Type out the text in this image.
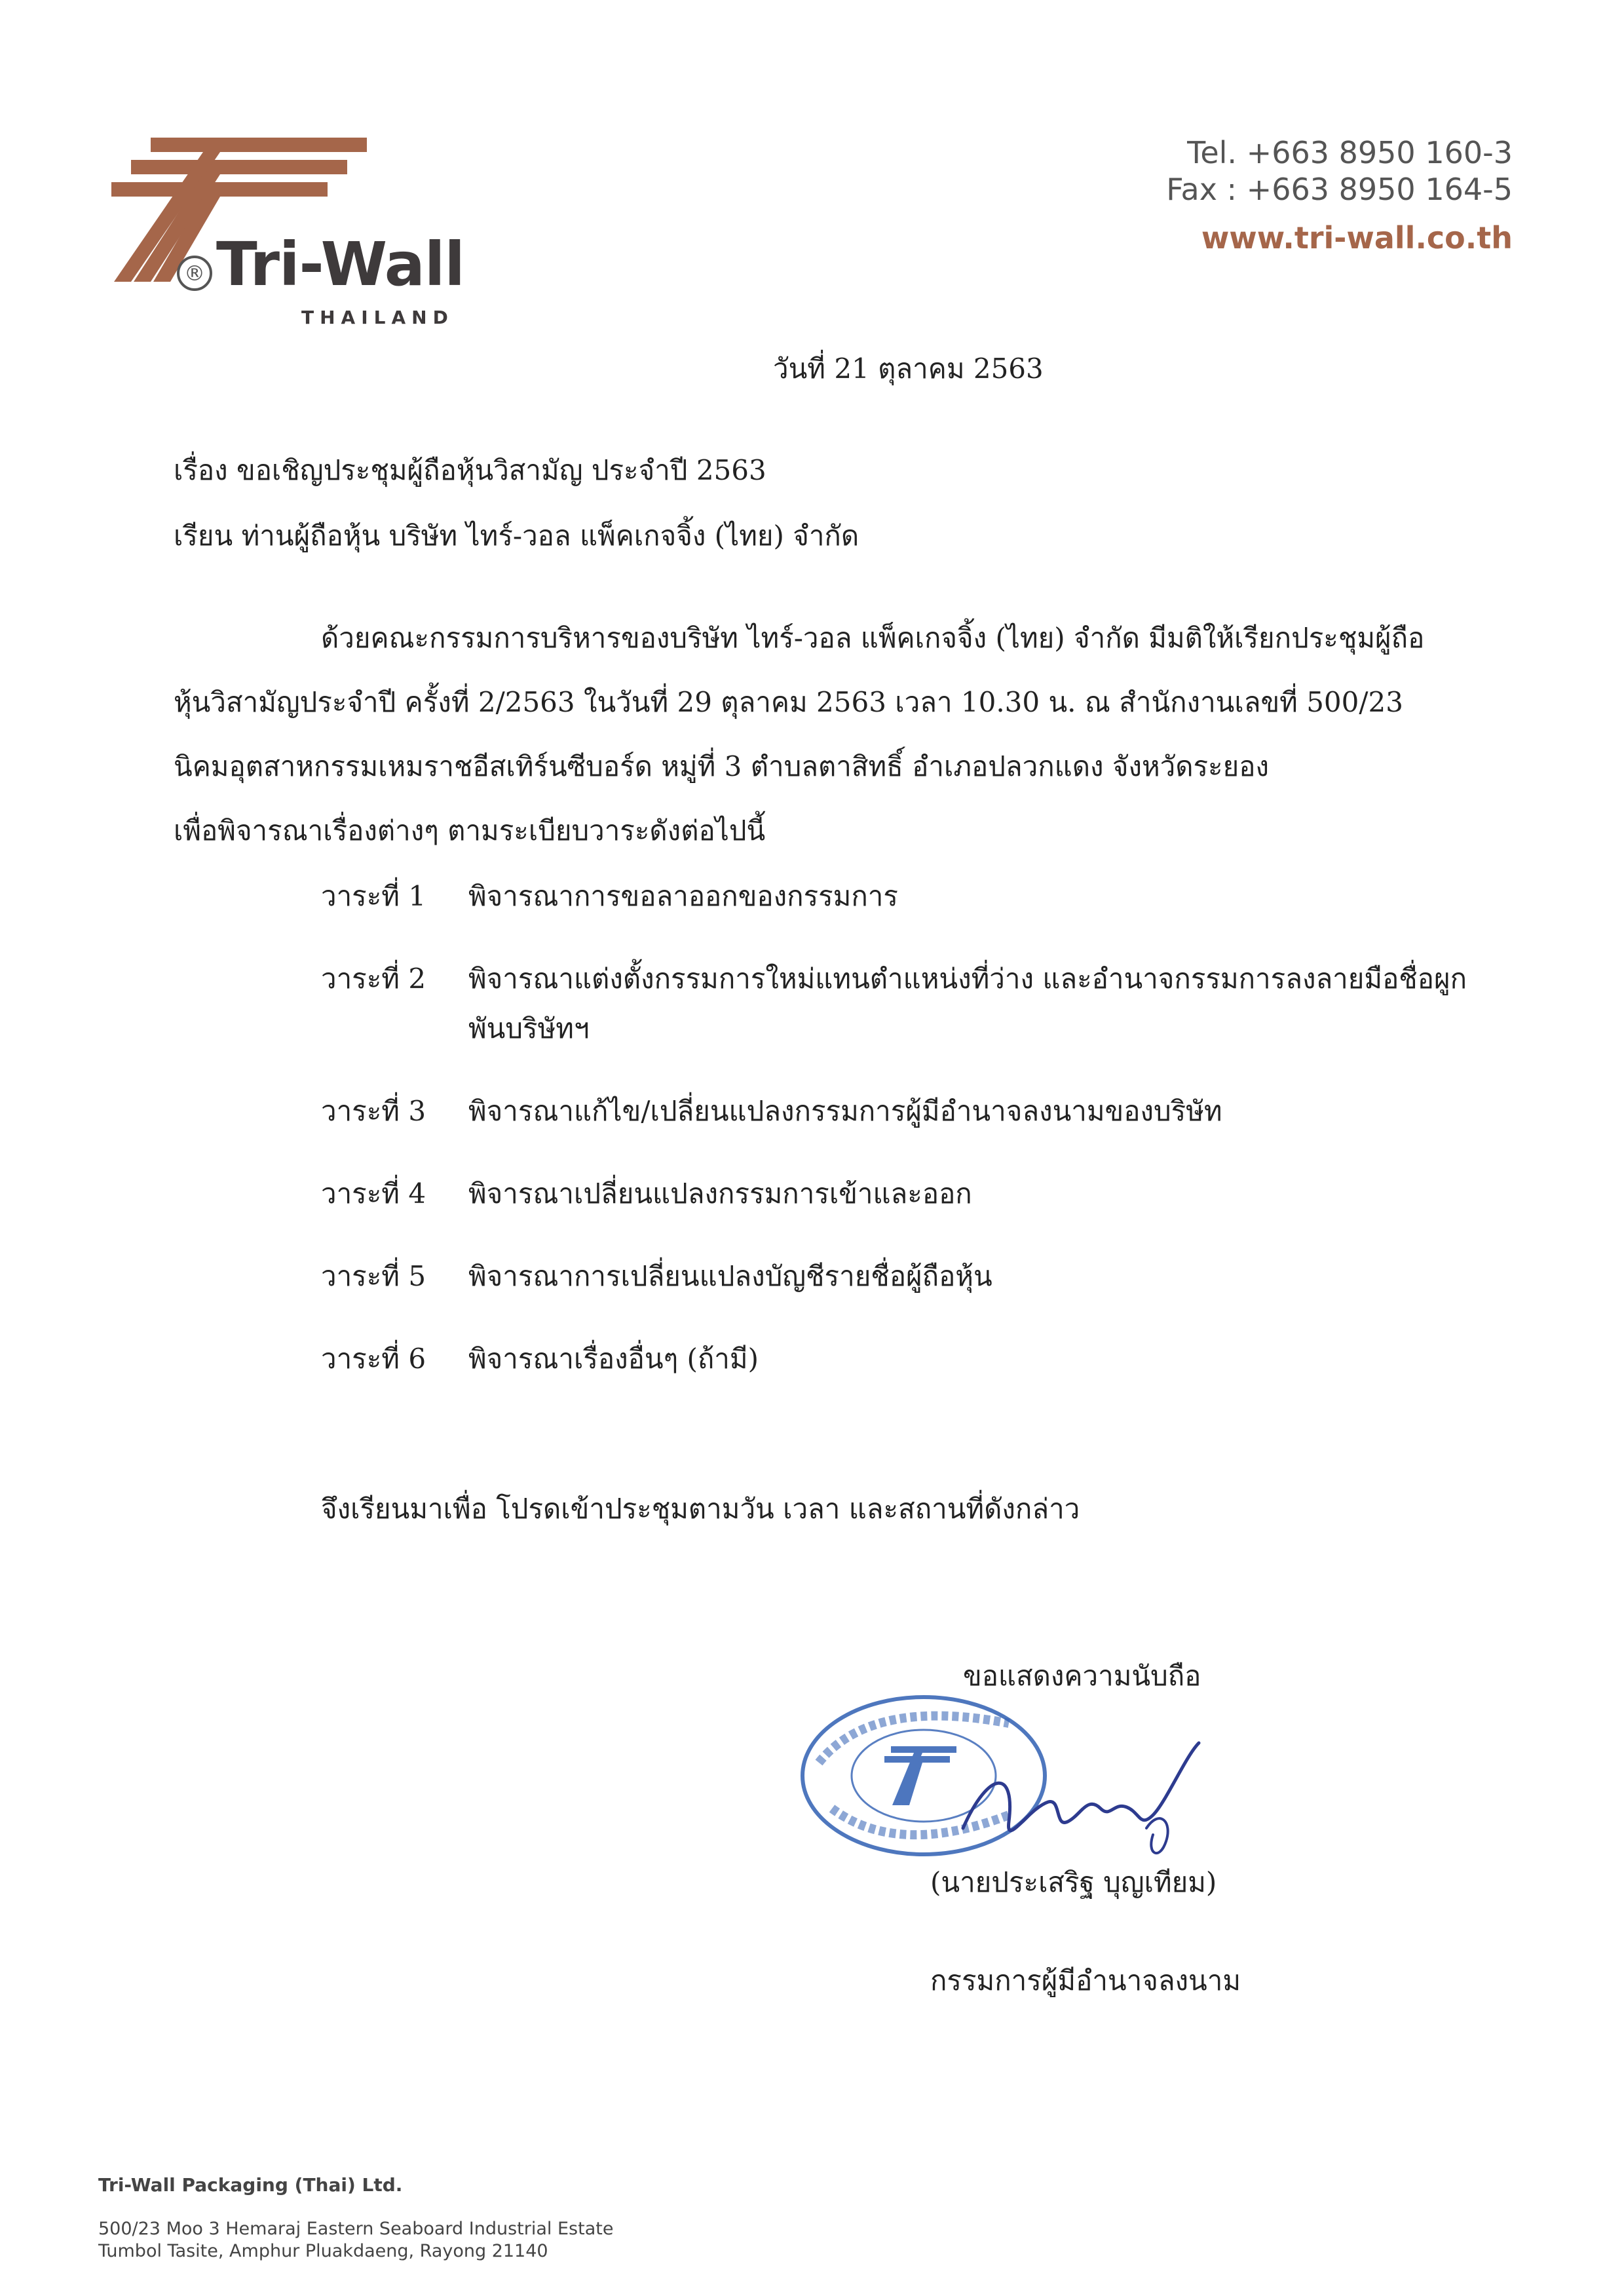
® Tri-Wall
THAILAND
Tel. +663 8950 160-3
Fax : +663 8950 164-5
www.tri-wall.co.th
วันที่ 21 ตุลาคม 2563
เรื่อง ขอเชิญประชุมผู้ถือหุ้นวิสามัญ ประจำปี 2563
เรียน ท่านผู้ถือหุ้น บริษัท ไทร์-วอล แพ็คเกจจิ้ง (ไทย) จำกัด
ด้วยคณะกรรมการบริหารของบริษัท ไทร์-วอล แพ็คเกจจิ้ง (ไทย) จำกัด มีมติให้เรียกประชุมผู้ถือ
หุ้นวิสามัญประจำปี ครั้งที่ 2/2563 ในวันที่ 29 ตุลาคม 2563 เวลา 10.30 น. ณ สำนักงานเลขที่ 500/23
นิคมอุตสาหกรรมเหมราชอีสเทิร์นซีบอร์ด หมู่ที่ 3 ตำบลตาสิทธิ์ อำเภอปลวกแดง จังหวัดระยอง
เพื่อพิจารณาเรื่องต่างๆ ตามระเบียบวาระดังต่อไปนี้
วาระที่ 1	พิจารณาการขอลาออกของกรรมการ
วาระที่ 2	พิจารณาแต่งตั้งกรรมการใหม่แทนตำแหน่งที่ว่าง และอำนาจกรรมการลงลายมือชื่อผูกพันบริษัทฯ
วาระที่ 3	พิจารณาแก้ไข/เปลี่ยนแปลงกรรมการผู้มีอำนาจลงนามของบริษัท
วาระที่ 4	พิจารณาเปลี่ยนแปลงกรรมการเข้าและออก
วาระที่ 5	พิจารณาการเปลี่ยนแปลงบัญชีรายชื่อผู้ถือหุ้น
วาระที่ 6	พิจารณาเรื่องอื่นๆ (ถ้ามี)
จึงเรียนมาเพื่อ โปรดเข้าประชุมตามวัน เวลา และสถานที่ดังกล่าว
ขอแสดงความนับถือ
(นายประเสริฐ บุญเทียม)
กรรมการผู้มีอำนาจลงนาม
Tri-Wall Packaging (Thai) Ltd.
500/23 Moo 3 Hemaraj Eastern Seaboard Industrial Estate
Tumbol Tasite, Amphur Pluakdaeng, Rayong 21140
